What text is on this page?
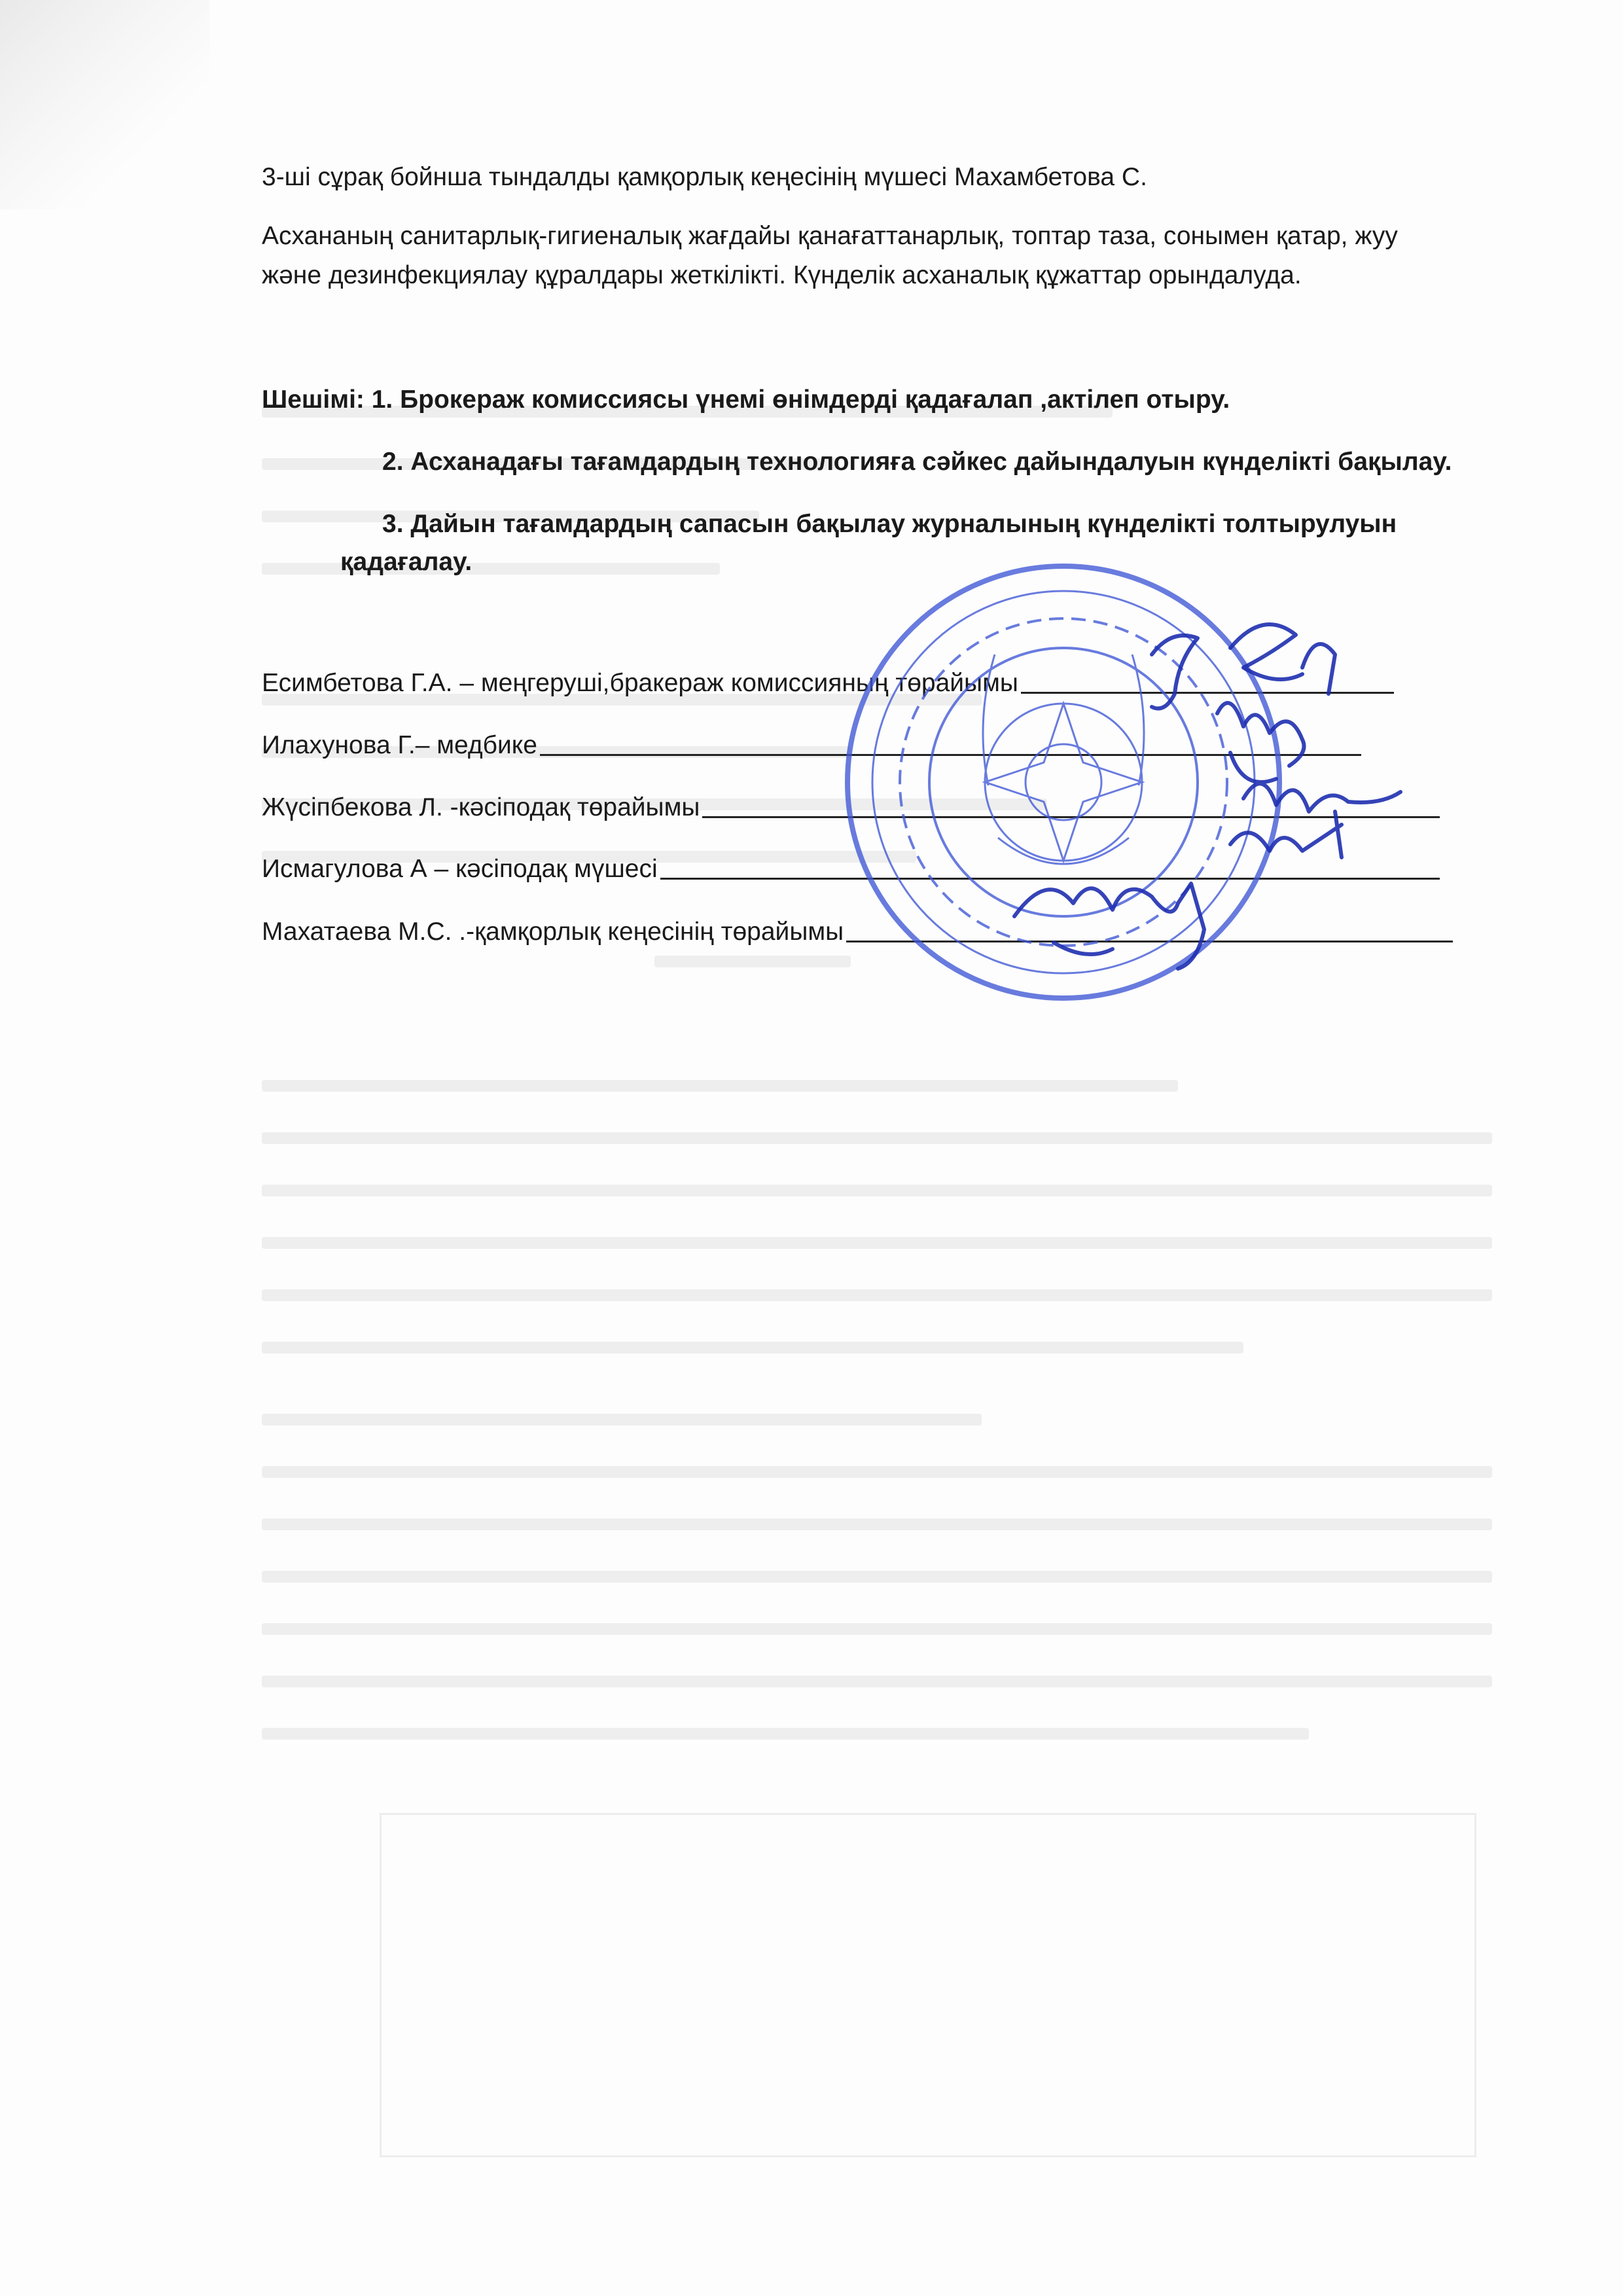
3-ші сұрақ бойнша тындалды қамқорлық кеңесінің мүшесі Махамбетова С.
Асхананың санитарлық-гигиеналық жағдайы қанағаттанарлық, топтар таза, сонымен қатар, жуу
және дезинфекциялау құралдары жеткілікті. Күнделік асханалық құжаттар орындалуда.
Шешімі: 1. Брокераж комиссиясы үнемі өнімдерді қадағалап ,актілеп отыру.
2. Асханадағы тағамдардың технологияға сәйкес дайындалуын күнделікті бақылау.
3. Дайын тағамдардың сапасын бақылау журналының күнделікті толтырулуын
қадағалау.
Есимбетова Г.А. – меңгеруші,бракераж комиссияның төрайымы
Илахунова Г.– медбике
Жүсіпбекова Л. -кәсіподақ төрайымы
Исмагулова А – кәсіподақ мүшесі
Махатаева М.С. .-қамқорлық кеңесінің төрайымы
